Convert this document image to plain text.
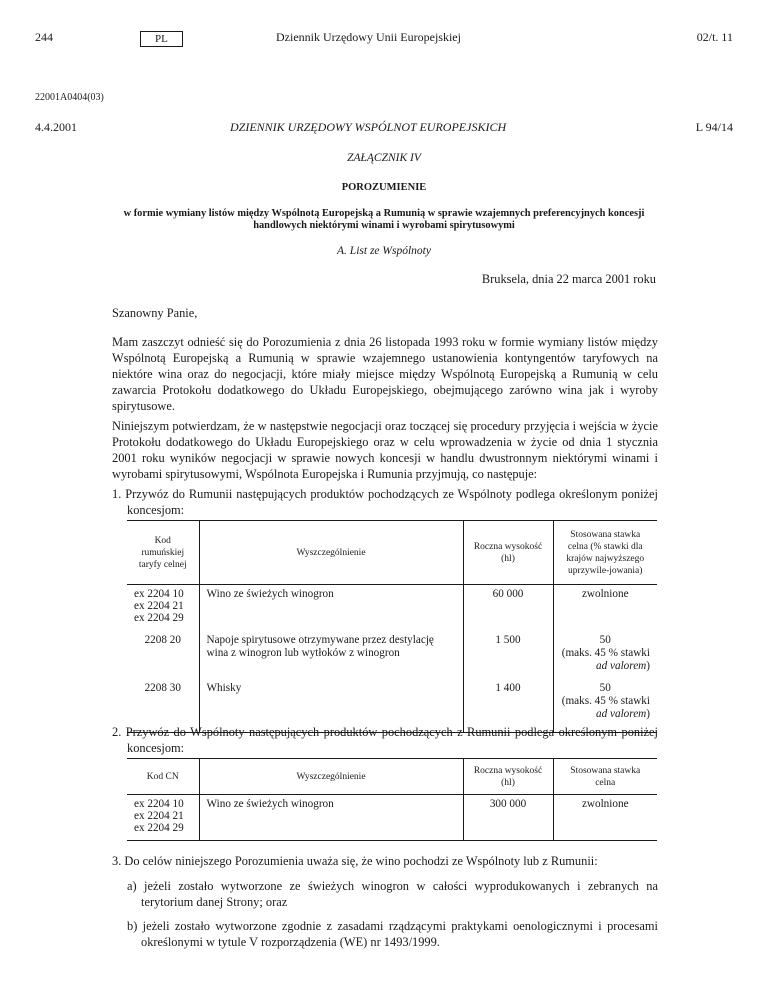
244	PL	Dziennik Urzędowy Unii Europejskiej	02/t. 11
22001A0404(03)
4.4.2001	DZIENNIK URZĘDOWY WSPÓLNOT EUROPEJSKICH	L 94/14
ZAŁĄCZNIK IV
POROZUMIENIE
w formie wymiany listów między Wspólnotą Europejską a Rumunią w sprawie wzajemnych preferencyjnych koncesji
handlowych niektórymi winami i wyrobami spirytusowymi
A. List ze Wspólnoty
Bruksela, dnia 22 marca 2001 roku
Szanowny Panie,
Mam zaszczyt odnieść się do Porozumienia z dnia 26 listopada 1993 roku w formie wymiany listów między Wspólnotą Europejską a Rumunią w sprawie wzajemnego ustanowienia kontyngentów taryfowych na niektóre wina oraz do negocjacji, które miały miejsce między Wspólnotą Europejską a Rumunią w celu zawarcia Protokołu dodatkowego do Układu Europejskiego, obejmującego zarówno wina jak i wyroby spirytusowe.
Niniejszym potwierdzam, że w następstwie negocjacji oraz toczącej się procedury przyjęcia i wejścia w życie Protokołu dodatkowego do Układu Europejskiego oraz w celu wprowadzenia w życie od dnia 1 stycznia 2001 roku wyników negocjacji w sprawie nowych koncesji w handlu dwustronnym niektórymi winami i wyrobami spirytusowymi, Wspólnota Europejska i Rumunia przyjmują, co następuje:
1. Przywóz do Rumunii następujących produktów pochodzących ze Wspólnoty podlega określonym poniżej koncesjom:
Kod rumuńskiej taryfy celnej	Wyszczególnienie	Roczna wysokość (hl)	Stosowana stawka celna (% stawki dla krajów najwyższego uprzywile-jowania)
ex 2204 10
ex 2204 21
ex 2204 29	Wino ze świeżych winogron	60 000	zwolnione
2208 20	Napoje spirytusowe otrzymywane przez destylację wina z winogron lub wytłoków z winogron	1 500	50
(maks. 45 % stawki
ad valorem)

2208 30	Whisky	1 400	50
(maks. 45 % stawki
ad valorem)
2. Przywóz do Wspólnoty następujących produktów pochodzących z Rumunii podlega określonym poniżej koncesjom:
Kod CN	Wyszczególnienie	Roczna wysokość (hl)	Stosowana stawka celna
ex 2204 10
ex 2204 21
ex 2204 29	Wino ze świeżych winogron	300 000	zwolnione
3. Do celów niniejszego Porozumienia uważa się, że wino pochodzi ze Wspólnoty lub z Rumunii:
a) jeżeli zostało wytworzone ze świeżych winogron w całości wyprodukowanych i zebranych na terytorium danej Strony; oraz
b) jeżeli zostało wytworzone zgodnie z zasadami rządzącymi praktykami oenologicznymi i procesami określonymi w tytule V rozporządzenia (WE) nr 1493/1999.
